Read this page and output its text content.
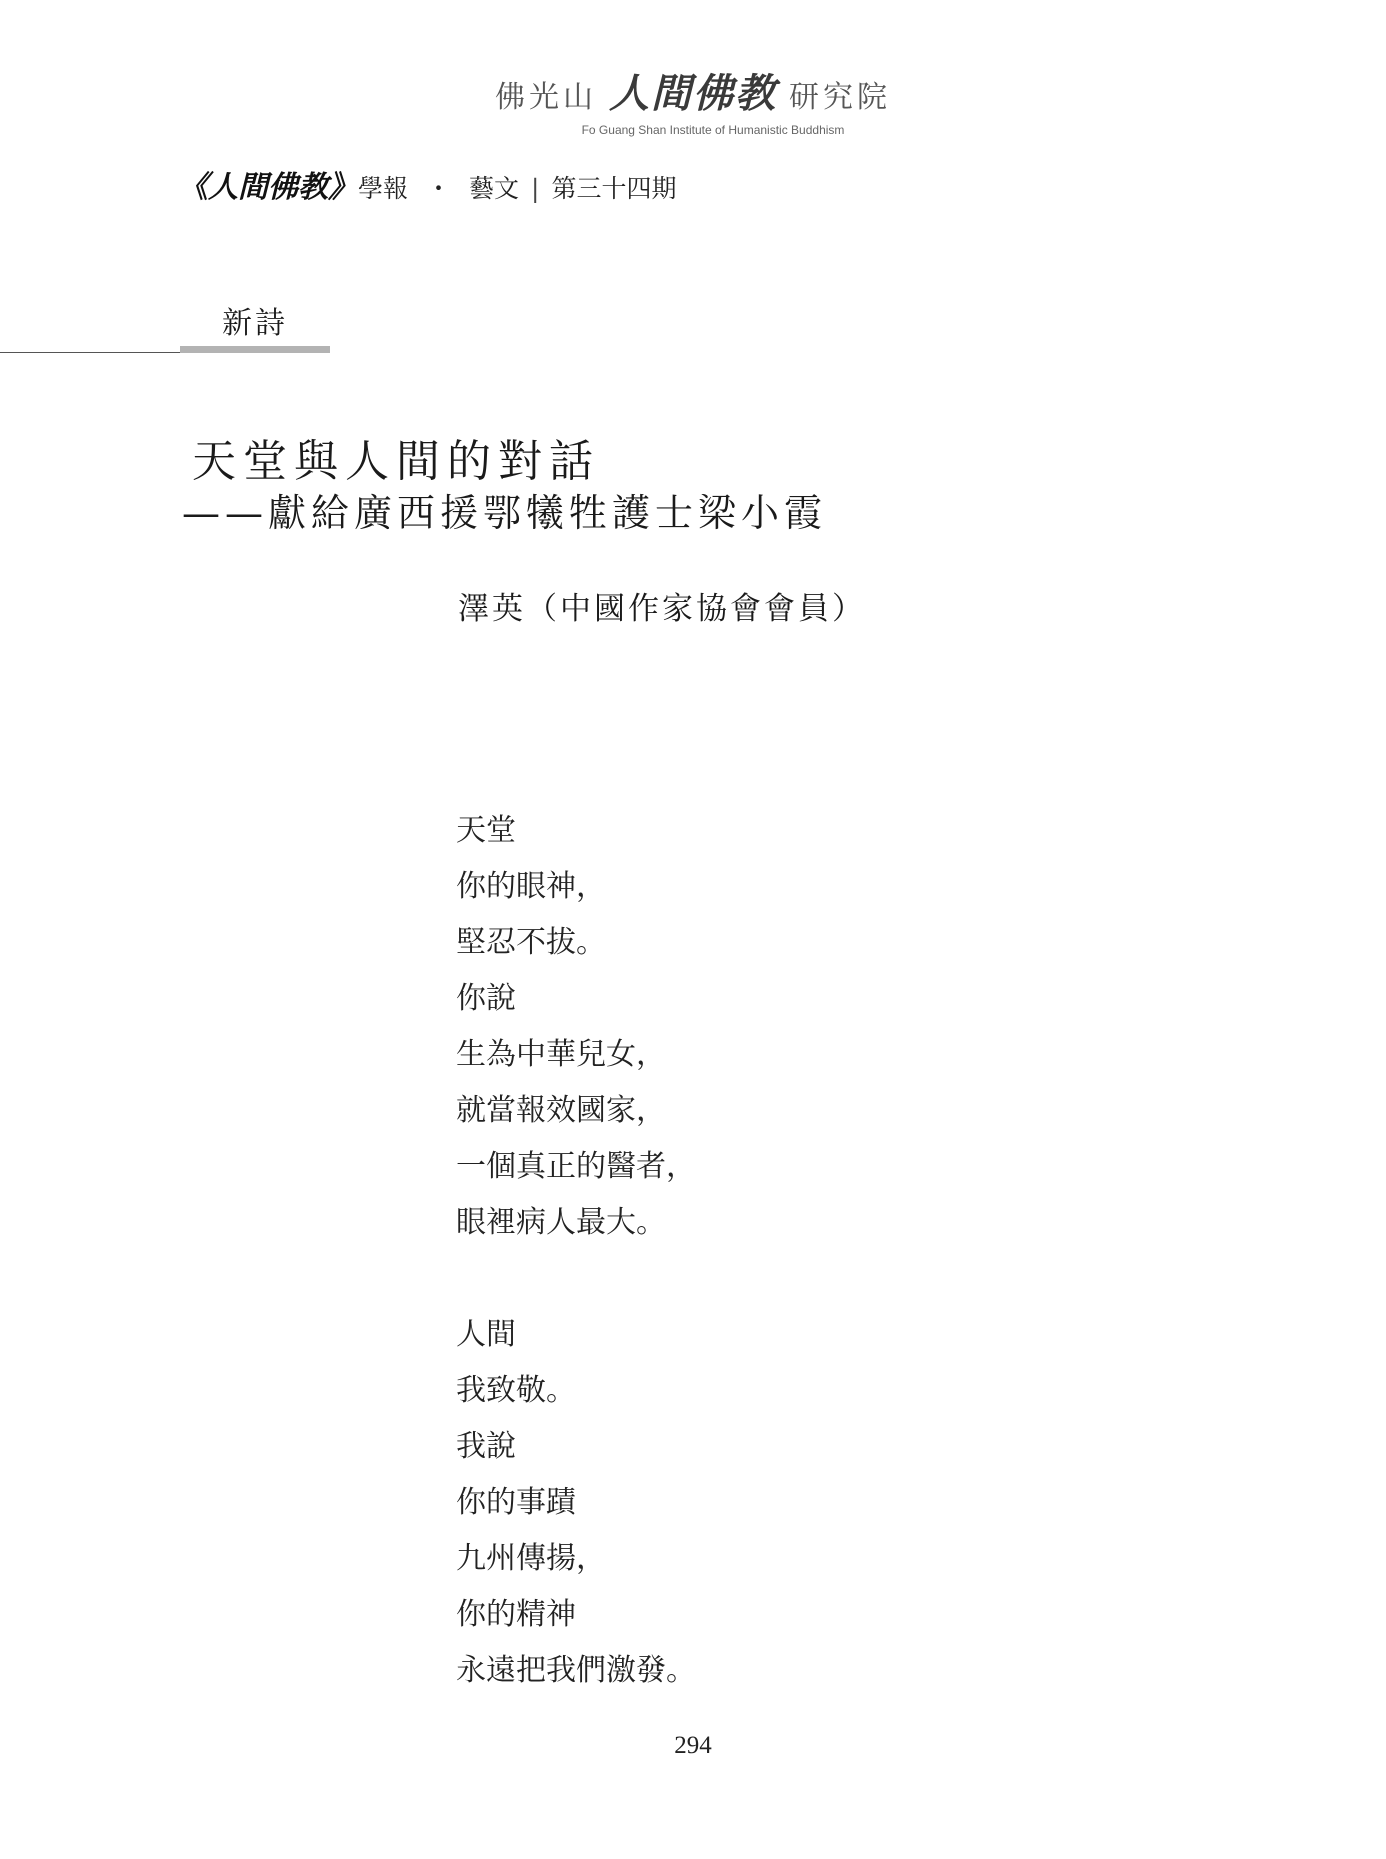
佛光山 人間佛教 研究院
Fo Guang Shan Institute of Humanistic Buddhism
《人間佛教》 學報 ・ 藝文 | 第三十四期
新詩
天堂與人間的對話
——獻給廣西援鄂犧牲護士梁小霞
澤英（中國作家協會會員）
天堂
你的眼神，
堅忍不拔。
你說
生為中華兒女，
就當報效國家，
一個真正的醫者，
眼裡病人最大。
人間
我致敬。
我說
你的事蹟
九州傳揚，
你的精神
永遠把我們激發。
294
